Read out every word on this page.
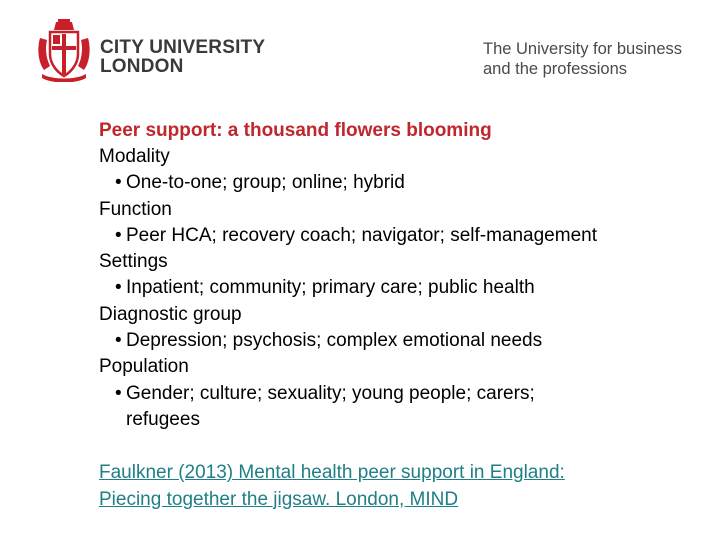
CITY UNIVERSITY
LONDON
The University for business
and the professions
Peer support: a thousand flowers blooming
Modality
• One-to-one; group; online; hybrid
Function
• Peer HCA; recovery coach; navigator; self-management
Settings
• Inpatient; community; primary care; public health
Diagnostic group
• Depression; psychosis; complex emotional needs
Population
• Gender; culture; sexuality; young people; carers;
refugees
Faulkner (2013) Mental health peer support in England:
Piecing together the jigsaw. London, MIND
